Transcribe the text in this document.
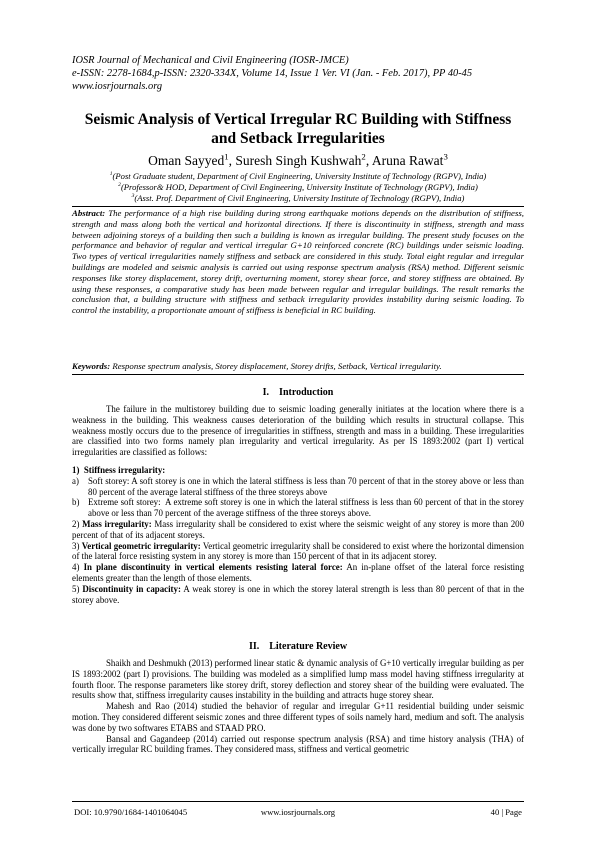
IOSR Journal of Mechanical and Civil Engineering (IOSR-JMCE)
e-ISSN: 2278-1684,p-ISSN: 2320-334X, Volume 14, Issue 1 Ver. VI (Jan. - Feb. 2017), PP 40-45
www.iosrjournals.org
Seismic Analysis of Vertical Irregular RC Building with Stiffness and Setback Irregularities
Oman Sayyed$^1$, Suresh Singh Kushwah$^2$, Aruna Rawat$^3$
$^1$(Post Graduate student, Department of Civil Engineering, University Institute of Technology (RGPV), India)
$^2$(Professor& HOD, Department of Civil Engineering, University Institute of Technology (RGPV), India)
$^3$(Asst. Prof. Department of Civil Engineering, University Institute of Technology (RGPV), India)
Abstract: The performance of a high rise building during strong earthquake motions depends on the distribution of stiffness, strength and mass along both the vertical and horizontal directions. If there is discontinuity in stiffness, strength and mass between adjoining storeys of a building then such a building is known as irregular building. The present study focuses on the performance and behavior of regular and vertical irregular G+10 reinforced concrete (RC) buildings under seismic loading. Two types of vertical irregularities namely stiffness and setback are considered in this study. Total eight regular and irregular buildings are modeled and seismic analysis is carried out using response spectrum analysis (RSA) method. Different seismic responses like storey displacement, storey drift, overturning moment, storey shear force, and storey stiffness are obtained. By using these responses, a comparative study has been made between regular and irregular buildings. The result remarks the conclusion that, a building structure with stiffness and setback irregularity provides instability during seismic loading. To control the instability, a proportionate amount of stiffness is beneficial in RC building.
Keywords: Response spectrum analysis, Storey displacement, Storey drifts, Setback, Vertical irregularity.
I.    Introduction

The failure in the multistorey building due to seismic loading generally initiates at the location where there is a weakness in the building. This weakness causes deterioration of the building which results in structural collapse. This weakness mostly occurs due to the presence of irregularities in stiffness, strength and mass in a building. These irregularities are classified into two forms namely plan irregularity and vertical irregularity. As per IS 1893:2002 (part I) vertical irregularities are classified as follows:

1)  Stiffness irregularity:

a)	Soft storey: A soft storey is one in which the lateral stiffness is less than 70 percent of that in the storey above or less than 80 percent of the average lateral stiffness of the three storeys above
b) Extreme soft storey:  A extreme soft storey is one in which the lateral stiffness is less than 60 percent of that in the storey above or less than 70 percent of the average stiffness of the three storeys above.

2) Mass irregularity: Mass irregularity shall be considered to exist where the seismic weight of any storey is more than 200 percent of that of its adjacent storeys.

3) Vertical geometric irregularity: Vertical geometric irregularity shall be considered to exist where the horizontal dimension of the lateral force resisting system in any storey is more than 150 percent of that in its adjacent storey.

4) In plane discontinuity in vertical elements resisting lateral force: An in-plane offset of the lateral force resisting elements greater than the length of those elements.

5) Discontinuity in capacity: A weak storey is one in which the storey lateral strength is less than 80 percent of that in the storey above.

II.    Literature Review

Shaikh and Deshmukh (2013) performed linear static & dynamic analysis of G+10 vertically irregular building as per IS 1893:2002 (part I) provisions. The building was modeled as a simplified lump mass model having stiffness irregularity at fourth floor. The response parameters like storey drift, storey deflection and storey shear of the building were evaluated. The results show that, stiffness irregularity causes instability in the building and attracts huge storey shear.

Mahesh and Rao (2014) studied the behavior of regular and irregular G+11 residential building under seismic motion. They considered different seismic zones and three different types of soils namely hard, medium and soft. The analysis was done by two softwares ETABS and STAAD PRO.

Bansal and Gagandeep (2014) carried out response spectrum analysis (RSA) and time history analysis (THA) of vertically irregular RC building frames. They considered mass, stiffness and vertical geometric

DOI: 10.9790/1684-1401064045	www.iosrjournals.org	40 | Page
